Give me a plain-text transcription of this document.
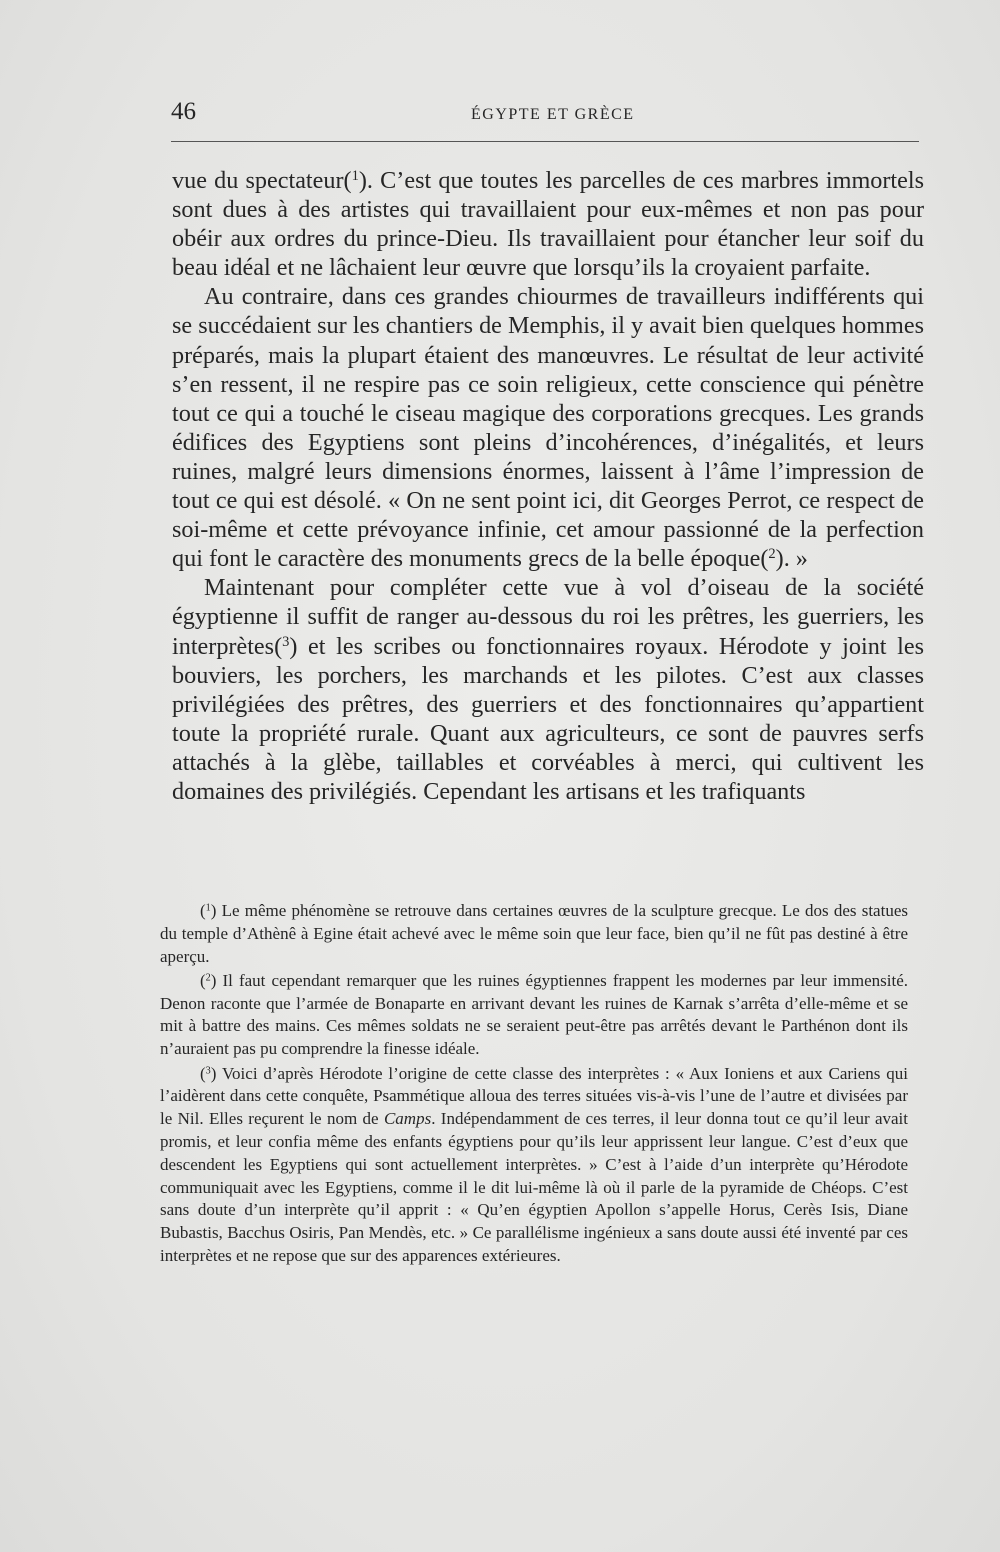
46	ÉGYPTE ET GRÈCE

vue du spectateur($^1$). C’est que toutes les parcelles de ces marbres immortels sont dues à des artistes qui travaillaient pour eux-mêmes et non pas pour obéir aux ordres du prince-Dieu. Ils travaillaient pour étancher leur soif du beau idéal et ne lâchaient leur œuvre que lorsqu’ils la croyaient parfaite.

Au contraire, dans ces grandes chiourmes de travailleurs indifférents qui se succédaient sur les chantiers de Memphis, il y avait bien quelques hommes préparés, mais la plupart étaient des manœuvres. Le résultat de leur activité s’en ressent, il ne respire pas ce soin religieux, cette conscience qui pénètre tout ce qui a touché le ciseau magique des corporations grecques. Les grands édifices des Egyptiens sont pleins d’incohérences, d’inégalités, et leurs ruines, malgré leurs dimensions énormes, laissent à l’âme l’impression de tout ce qui est désolé. « On ne sent point ici, dit Georges Perrot, ce respect de soi-même et cette prévoyance infinie, cet amour passionné de la perfection qui font le caractère des monuments grecs de la belle époque($^2$). »

Maintenant pour compléter cette vue à vol d’oiseau de la société égyptienne il suffit de ranger au-dessous du roi les prêtres, les guerriers, les interprètes($^3$) et les scribes ou fonctionnaires royaux. Hérodote y joint les bouviers, les porchers, les marchands et les pilotes. C’est aux classes privilégiées des prêtres, des guerriers et des fonctionnaires qu’appartient toute la propriété rurale. Quant aux agriculteurs, ce sont de pauvres serfs attachés à la glèbe, taillables et corvéables à merci, qui cultivent les domaines des privilégiés. Cependant les artisans et les trafiquants

($^1$) Le même phénomène se retrouve dans certaines œuvres de la sculpture grecque. Le dos des statues du temple d’Athènê à Egine était achevé avec le même soin que leur face, bien qu’il ne fût pas destiné à être aperçu.

($^2$) Il faut cependant remarquer que les ruines égyptiennes frappent les modernes par leur immensité. Denon raconte que l’armée de Bonaparte en arrivant devant les ruines de Karnak s’arrêta d’elle-même et se mit à battre des mains. Ces mêmes soldats ne se seraient peut-être pas arrêtés devant le Parthénon dont ils n’auraient pas pu comprendre la finesse idéale.

($^3$) Voici d’après Hérodote l’origine de cette classe des interprètes : « Aux Ioniens et aux Cariens qui l’aidèrent dans cette conquête, Psammétique alloua des terres situées vis-à-vis l’une de l’autre et divisées par le Nil. Elles reçurent le nom de Camps. Indépendamment de ces terres, il leur donna tout ce qu’il leur avait promis, et leur confia même des enfants égyptiens pour qu’ils leur apprissent leur langue. C’est d’eux que descendent les Egyptiens qui sont actuellement interprètes. » C’est à l’aide d’un interprète qu’Hérodote communiquait avec les Egyptiens, comme il le dit lui-même là où il parle de la pyramide de Chéops. C’est sans doute d’un interprète qu’il apprit : « Qu’en égyptien Apollon s’appelle Horus, Cerès Isis, Diane Bubastis, Bacchus Osiris, Pan Mendès, etc. » Ce parallélisme ingénieux a sans doute aussi été inventé par ces interprètes et ne repose que sur des apparences extérieures.
